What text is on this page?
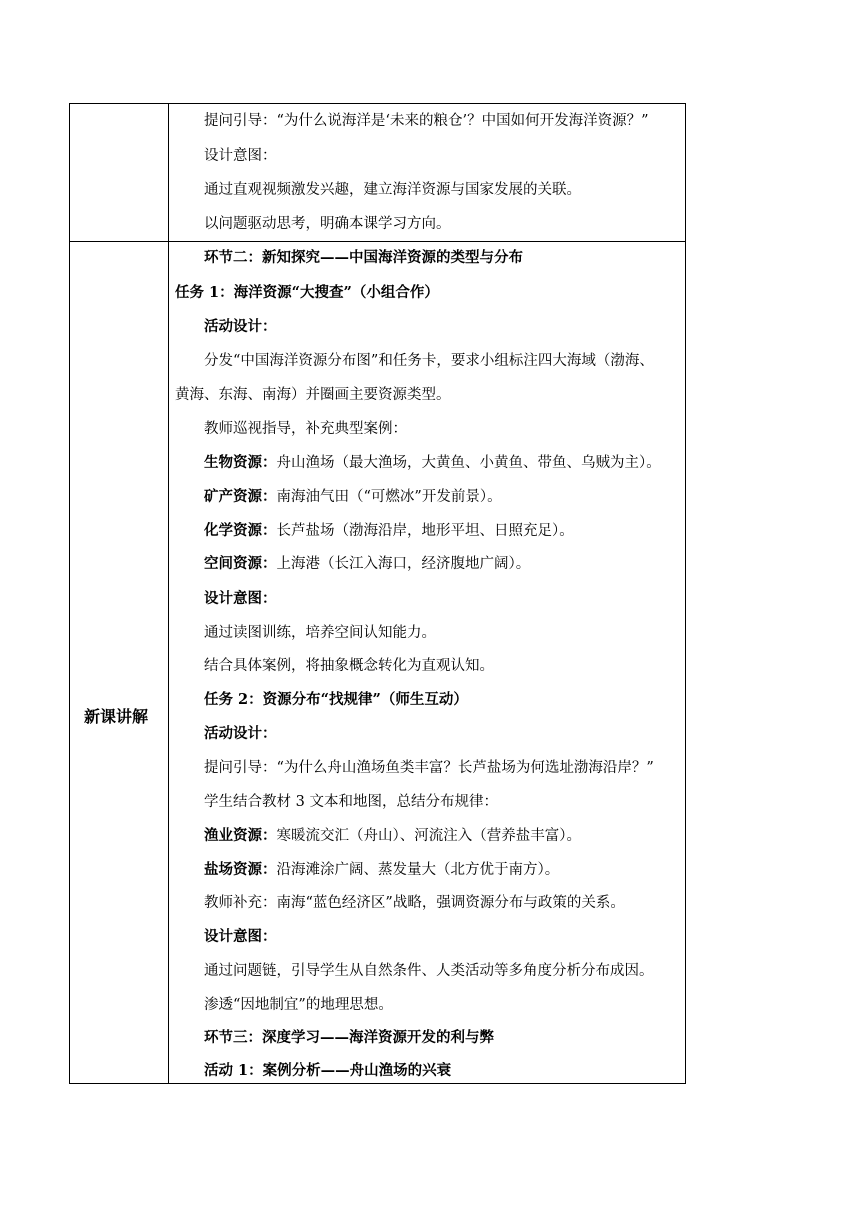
提问引导：“为什么说海洋是‘未来的粮仓’？中国如何开发海洋资源？”
设计意图：
通过直观视频激发兴趣，建立海洋资源与国家发展的关联。
以问题驱动思考，明确本课学习方向。
新课讲解
环节二：新知探究——中国海洋资源的类型与分布
任务 1：海洋资源“大搜查”（小组合作）
活动设计：
分发“中国海洋资源分布图”和任务卡，要求小组标注四大海域（渤海、
黄海、东海、南海）并圈画主要资源类型。
教师巡视指导，补充典型案例：
生物资源：舟山渔场（最大渔场，大黄鱼、小黄鱼、带鱼、乌贼为主）。
矿产资源：南海油气田（“可燃冰”开发前景）。
化学资源：长芦盐场（渤海沿岸，地形平坦、日照充足）。
空间资源：上海港（长江入海口，经济腹地广阔）。
设计意图：
通过读图训练，培养空间认知能力。
结合具体案例，将抽象概念转化为直观认知。
任务 2：资源分布“找规律”（师生互动）
活动设计：
提问引导：“为什么舟山渔场鱼类丰富？长芦盐场为何选址渤海沿岸？”
学生结合教材 3 文本和地图，总结分布规律：
渔业资源：寒暖流交汇（舟山）、河流注入（营养盐丰富）。
盐场资源：沿海滩涂广阔、蒸发量大（北方优于南方）。
教师补充：南海“蓝色经济区”战略，强调资源分布与政策的关系。
设计意图：
通过问题链，引导学生从自然条件、人类活动等多角度分析分布成因。
渗透“因地制宜”的地理思想。
环节三：深度学习——海洋资源开发的利与弊
活动 1：案例分析——舟山渔场的兴衰
